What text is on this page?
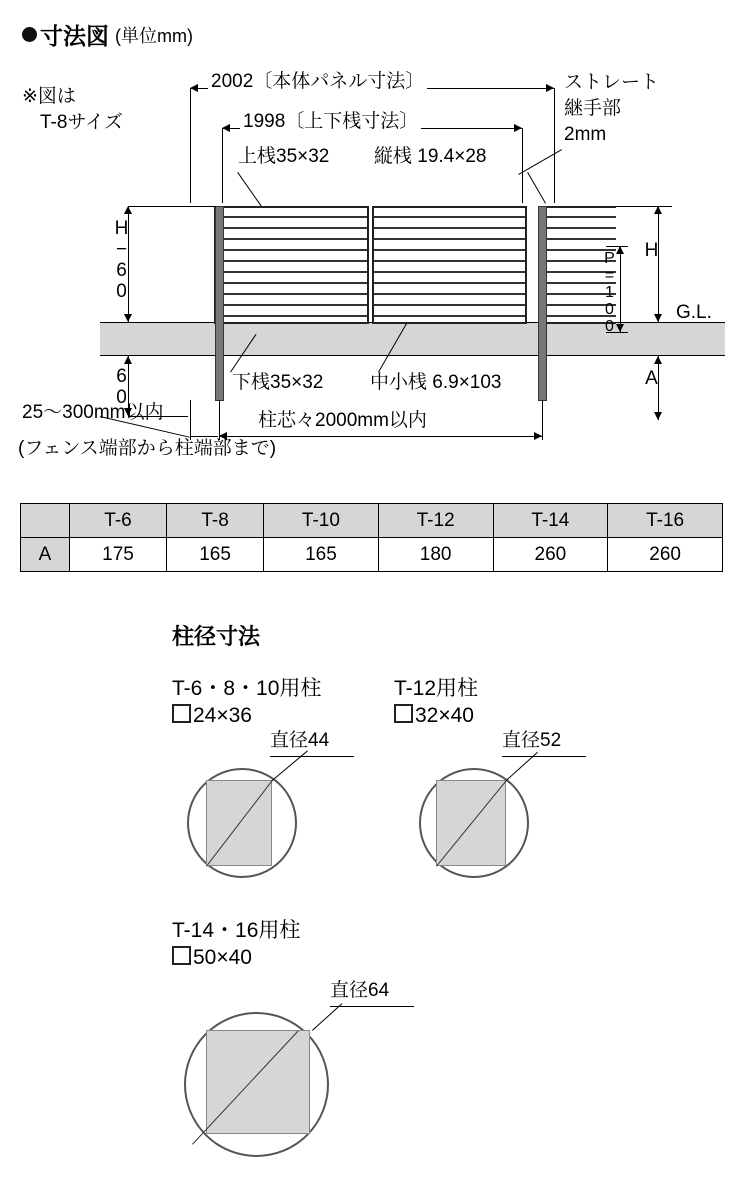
寸法図 (単位mm)
※図は
T-8サイズ
2002〔本体パネル寸法〕
1998〔上下桟寸法〕
ストレート
継手部
2mm
上桟35×32 縦桟 19.4×28
P=100 H
G.L.
A
H−60
60	下桟35×32 中小桟 6.9×103
柱芯々2000mm以内
25〜300mm以内
(フェンス端部から柱端部まで)
	T-6	T-8	T-10	T-12	T-14	T-16
A	175	165	165	180	260	260
柱径寸法
T-6・8・10用柱
24×36
直径44
T-12用柱
32×40
直径52
T-14・16用柱
50×40
直径64
